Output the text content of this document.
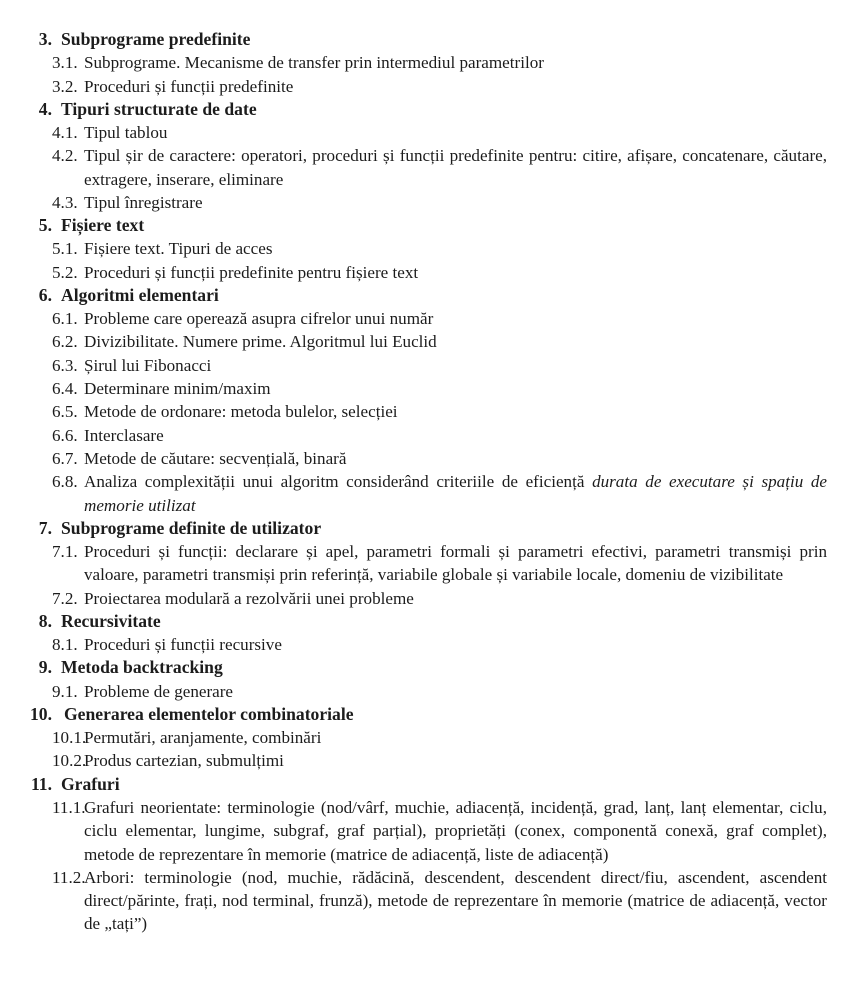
3. Subprograme predefinite
3.1. Subprograme. Mecanisme de transfer prin intermediul parametrilor
3.2. Proceduri și funcții predefinite
4. Tipuri structurate de date
4.1. Tipul tablou
4.2. Tipul șir de caractere: operatori, proceduri și funcții predefinite pentru: citire, afișare, concatenare, căutare, extragere, inserare, eliminare
4.3. Tipul înregistrare
5. Fișiere text
5.1. Fișiere text. Tipuri de acces
5.2. Proceduri și funcții predefinite pentru fișiere text
6. Algoritmi elementari
6.1. Probleme care operează asupra cifrelor unui număr
6.2. Divizibilitate. Numere prime. Algoritmul lui Euclid
6.3. Șirul lui Fibonacci
6.4. Determinare minim/maxim
6.5. Metode de ordonare: metoda bulelor, selecției
6.6. Interclasare
6.7. Metode de căutare: secvențială, binară
6.8. Analiza complexității unui algoritm considerând criteriile de eficiență durata de executare și spațiu de memorie utilizat
7. Subprograme definite de utilizator
7.1. Proceduri și funcții: declarare și apel, parametri formali și parametri efectivi, parametri transmiși prin valoare, parametri transmiși prin referință, variabile globale și variabile locale, domeniu de vizibilitate
7.2. Proiectarea modulară a rezolvării unei probleme
8. Recursivitate
8.1. Proceduri și funcții recursive
9. Metoda backtracking
9.1. Probleme de generare
10. Generarea elementelor combinatoriale
10.1.
Permutări, aranjamente, combinări
10.2.
Produs cartezian, submulțimi
11. Grafuri
11.1.
Grafuri neorientate: terminologie (nod/vârf, muchie, adiacență, incidență, grad, lanț, lanț elementar, ciclu, ciclu elementar, lungime, subgraf, graf parțial), proprietăți (conex, componentă conexă, graf complet), metode de reprezentare în memorie (matrice de adiacență, liste de adiacență)
11.2.
Arbori: terminologie (nod, muchie, rădăcină, descendent, descendent direct/fiu, ascendent, ascendent direct/părinte, frați, nod terminal, frunză), metode de reprezentare în memorie (matrice de adiacență, vector de „tați”)
